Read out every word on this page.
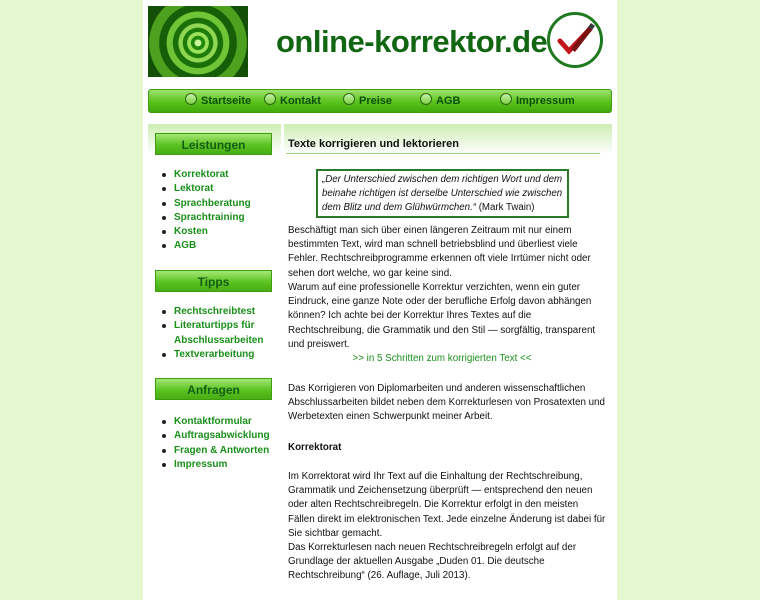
online-korrektor.de
Startseite	Kontakt	Preise	AGB	Impressum
Leistungen
Korrektorat
Lektorat
Sprachberatung
Sprachtraining
Kosten
AGB
Tipps
Rechtschreibtest
Literaturtipps für Abschlussarbeiten
Textverarbeitung
Anfragen
Kontaktformular
Auftragsabwicklung
Fragen & Antworten
Impressum
Texte korrigieren und lektorieren
„Der Unterschied zwischen dem richtigen Wort und dem beinahe richtigen ist derselbe Unterschied wie zwischen dem Blitz und dem Glühwürmchen.“ (Mark Twain)

Beschäftigt man sich über einen längeren Zeitraum mit nur einem bestimmten Text, wird man schnell betriebsblind und überliest viele Fehler. Rechtschreibprogramme erkennen oft viele Irrtümer nicht oder sehen dort welche, wo gar keine sind.

Warum auf eine professionelle Korrektur verzichten, wenn ein guter Eindruck, eine ganze Note oder der berufliche Erfolg davon abhängen können? Ich achte bei der Korrektur Ihres Textes auf die Rechtschreibung, die Grammatik und den Stil — sorgfältig, transparent und preiswert.

>> in 5 Schritten zum korrigierten Text <<

Das Korrigieren von Diplomarbeiten und anderen wissenschaftlichen Abschlussarbeiten bildet neben dem Korrekturlesen von Prosatexten und Werbetexten einen Schwerpunkt meiner Arbeit.

Korrektorat

Im Korrektorat wird Ihr Text auf die Einhaltung der Rechtschreibung, Grammatik und Zeichensetzung überprüft — entsprechend den neuen oder alten Rechtschreibregeln. Die Korrektur erfolgt in den meisten Fällen direkt im elektronischen Text. Jede einzelne Änderung ist dabei für Sie sichtbar gemacht.

Das Korrekturlesen nach neuen Rechtschreibregeln erfolgt auf der Grundlage der aktuellen Ausgabe „Duden 01. Die deutsche Rechtschreibung“ (26. Auflage, Juli 2013).
